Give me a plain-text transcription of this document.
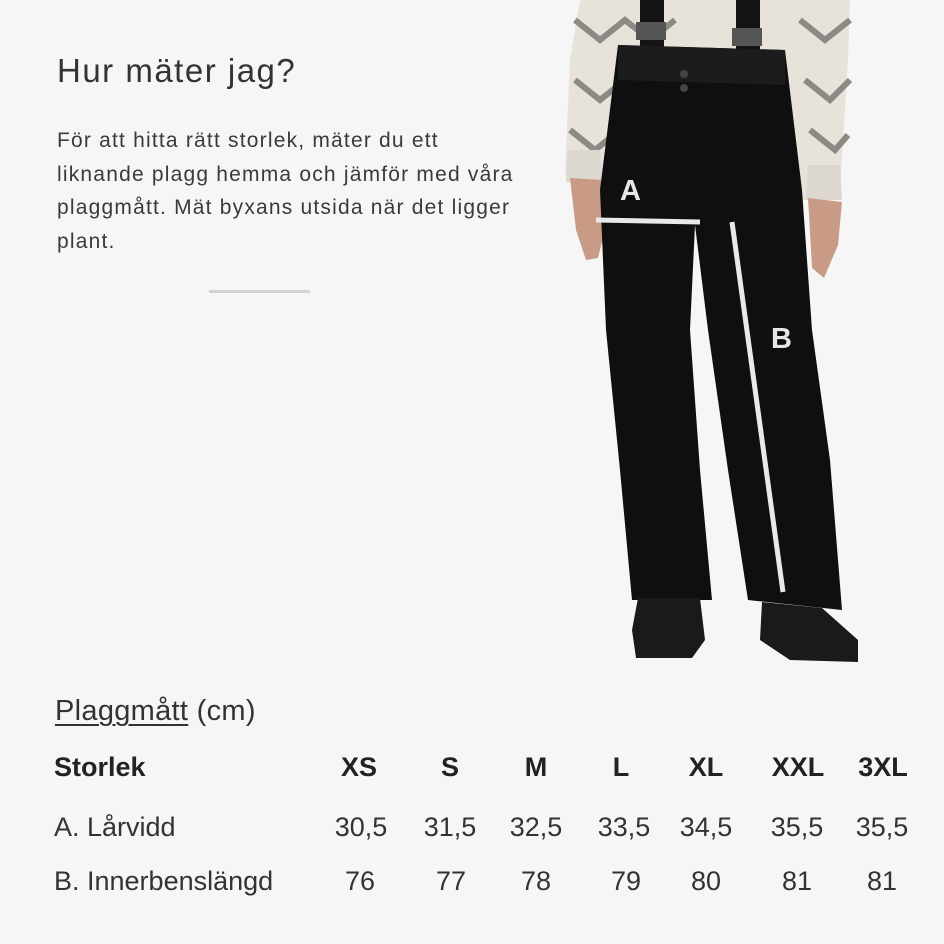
Hur mäter jag?
För att hitta rätt storlek, mäter du ett liknande plagg hemma och jämför med våra plaggmått. Mät byxans utsida när det ligger plant.
A
B
Plaggmått (cm)
Storlek	XS	S	M	L	XL	XXL	3XL
A. Lårvidd	30,5	31,5	32,5	33,5	34,5	35,5	35,5
B. Innerbenslängd	76	77	78	79	80	81	81
